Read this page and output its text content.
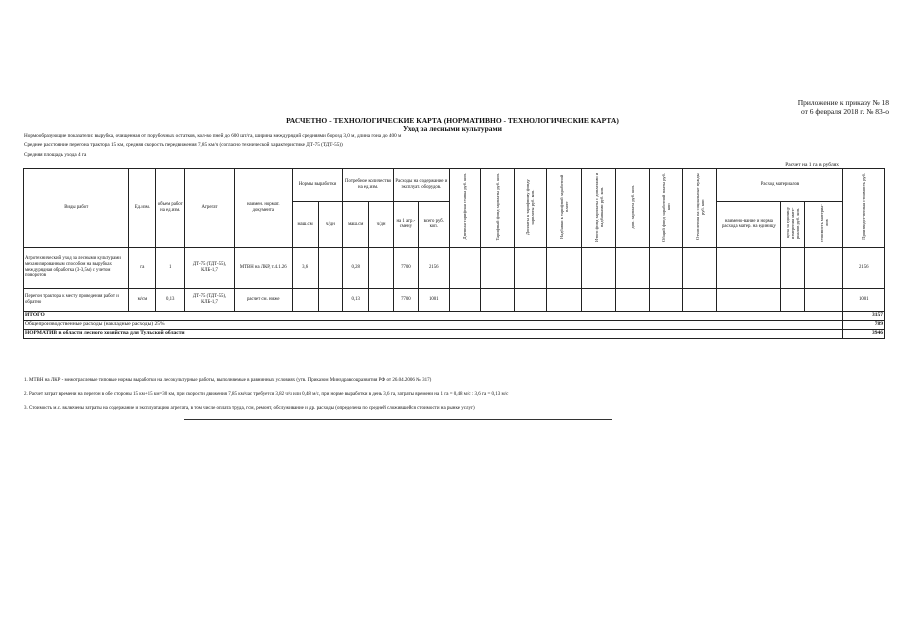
Приложение к приказу № 18
от 6 февраля 2018 г. № 83-о
РАСЧЕТНО - ТЕХНОЛОГИЧЕСКИЕ КАРТА (НОРМАТИВНО - ТЕХНОЛОГИЧЕСКИЕ КАРТА)
Уход за лесными культурами
Нормообразующие показатели: вырубка, очищенная от порубочных остатков, кол-во пней до 600 шт/га, ширина междурядий средняями борозд 3,0 м, длина гона до 400 м
Среднее расстояние перегона трактора 15 км, средняя скорость передвижения 7,85 км/ч (согласно технической характеристике ДТ-75 (ТДТ-55))
Средняя площадь ухода 4 га
Расчет на 1 га в рублях
Виды работ	Ед.изм.	объем работ на ед.изм.	Агрегат	наимен. нормат. документа	Нормы выработки		Потребное количество на ед.изм.		Расходы на содержание и эксплуат. оборудов.		Дневная тарифная ставка руб. коп.	Тарифный фонд зарплаты руб. коп.	Доплаты к тарифному фонду зарплаты руб. коп.	Надбавки к тарифной заработной плате	Итого фонд зарплаты с доплатами и надбавками руб. коп.	доп. зарплата руб. коп.	Общий фонд заработной платы руб. коп	Отчисления на социальные нужды руб. коп	Расход материалов			Производст-венная стоимость руб.
					маш.см	ч/дн	маш.см	ч/дн	на 1 агр.-смену	всего руб. коп.									наимено-вание и норма расхода матер. на единицу	цена за единицу измерения мате-риалов руб. коп.	стоимость материа-лов	
Агротехнический уход за лесными культурами механизированным способом на вырубках междурядная обработка (3-3,5м) с учетом поворотов	га	1	ДТ-75 (ТДТ-55), КЛБ-1,7	МТВН на ЛКР, т.4.1.26	3,6		0,28		7700	2156												2156
Перегон трактора к месту проведения работ и обратно	м/см	0,13	ДТ-75 (ТДТ-55), КЛБ-1,7	расчет см. ниже			0,13		7700	1001												1001
ИТОГО																						3157
Общепроизводственные расходы (накладные расходы) 25%																						789
НОРМАТИВ в области лесного хозяйства для Тульской области																						3946
1. МТВН на ЛКР - межотраслевые типовые нормы выработки на лесокультурные работы, выполняемые в равнинных условиях (утв. Приказом Минздравсоцразвития РФ от 26.04.2006 № 317)
2. Расчет затрат времени на перегон в обе стороны 15 км+15 км=30 км, при скорости движения 7,85 км/час требуется 3,82 ч/ч или 0,48 м/с, при норме выработки в день 3,6 га, затраты времени на 1 га = 0,48 м/с : 3,6 га = 0,13 м/с
3. Стоимость м.с. включены затраты на содержание и эксплуатацию агрегата, в том числе оплата труда, гсм, ремонт, обслуживание и др. расходы (определена по средней сложившейся стоимости на рынке услуг)
